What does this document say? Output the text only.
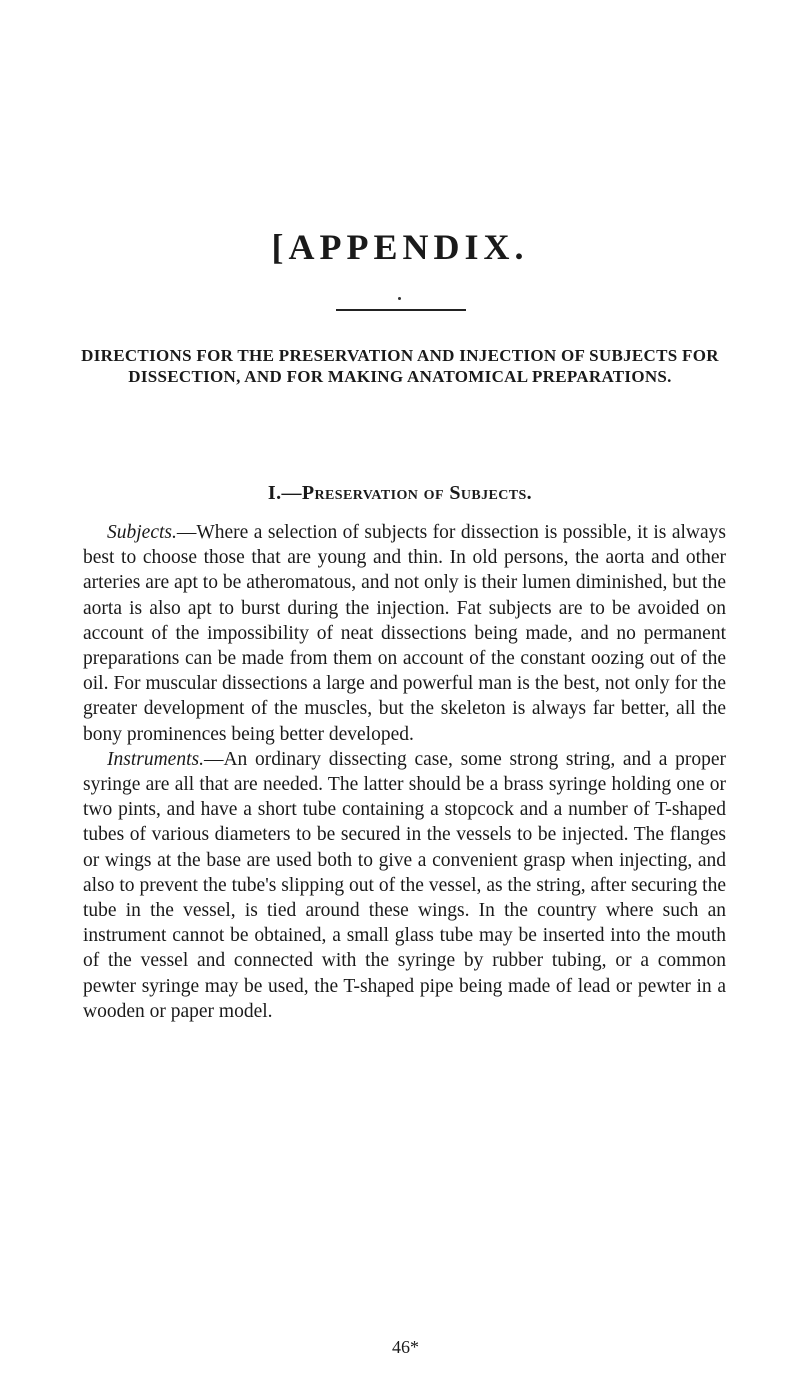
[APPENDIX.
DIRECTIONS FOR THE PRESERVATION AND INJECTION OF SUBJECTS FOR DISSECTION, AND FOR MAKING ANATOMICAL PREPARATIONS.
I.—Preservation of Subjects.

Subjects.—Where a selection of subjects for dissection is possible, it is always best to choose those that are young and thin. In old persons, the aorta and other arteries are apt to be atheromatous, and not only is their lumen diminished, but the aorta is also apt to burst during the injection. Fat subjects are to be avoided on account of the impossibility of neat dissections being made, and no permanent preparations can be made from them on account of the constant oozing out of the oil. For muscular dissections a large and powerful man is the best, not only for the greater development of the muscles, but the skeleton is always far better, all the bony prominences being better developed.

Instruments.—An ordinary dissecting case, some strong string, and a proper syringe are all that are needed. The latter should be a brass syringe holding one or two pints, and have a short tube containing a stopcock and a number of T-shaped tubes of various diameters to be secured in the vessels to be injected. The flanges or wings at the base are used both to give a convenient grasp when injecting, and also to prevent the tube's slipping out of the vessel, as the string, after securing the tube in the vessel, is tied around these wings. In the country where such an instrument cannot be obtained, a small glass tube may be inserted into the mouth of the vessel and connected with the syringe by rubber tubing, or a common pewter syringe may be used, the T-shaped pipe being made of lead or pewter in a wooden or paper model.

46*
